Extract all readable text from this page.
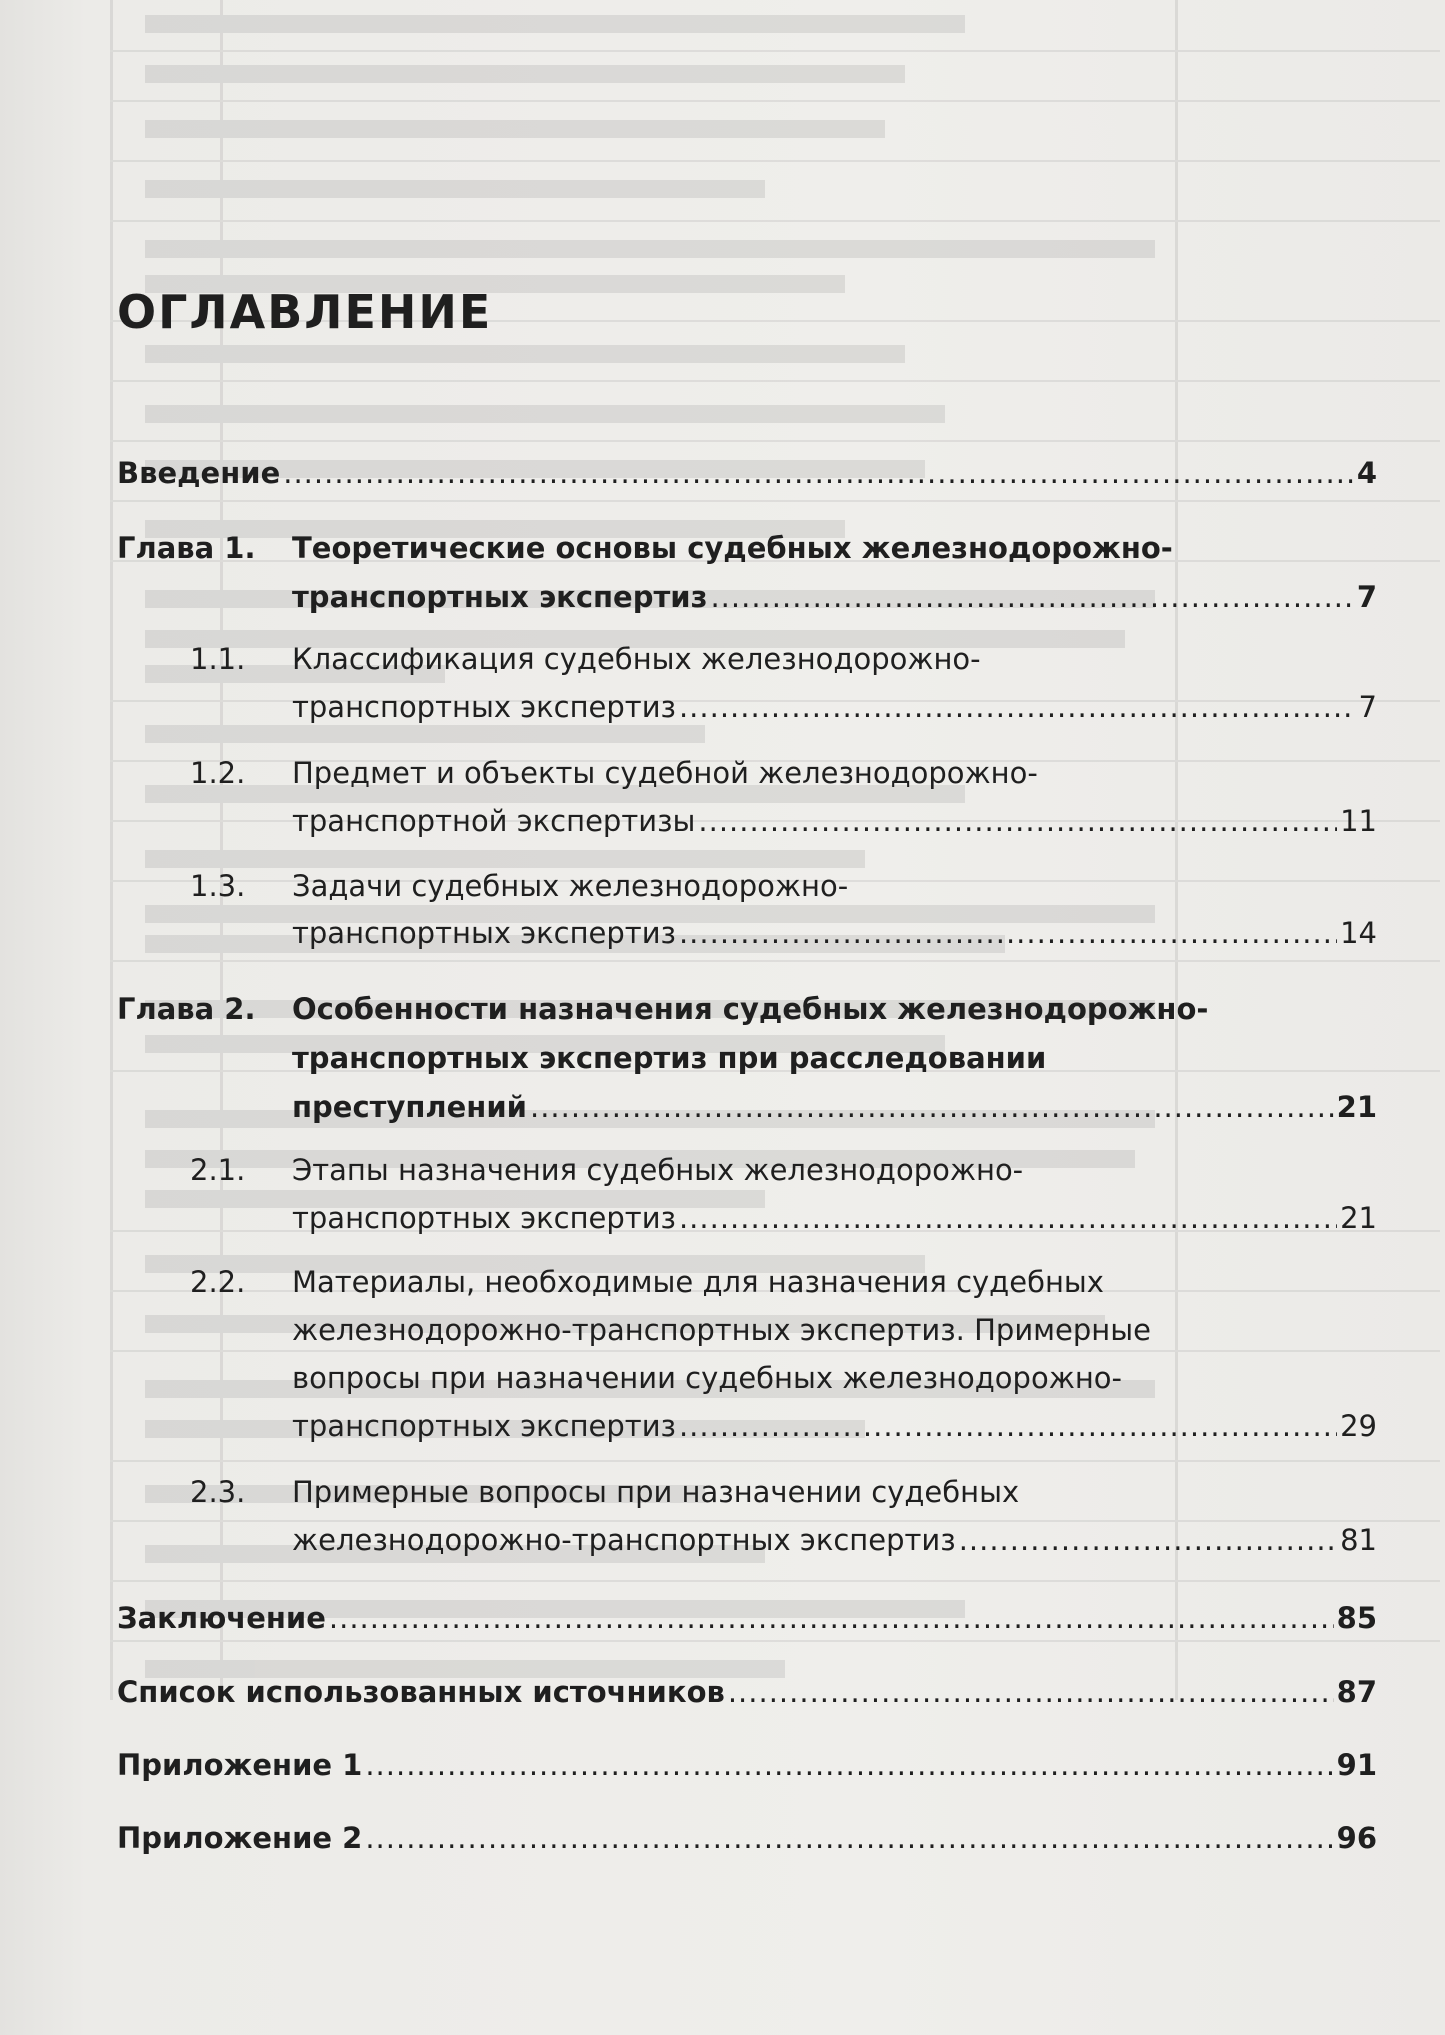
ОГЛАВЛЕНИЕ
Введение .....	4
Глава 1. Теоретические основы судебных железнодорожно-
транспортных экспертиз .....	7
1.1. Классификация судебных железнодорожно-
транспортных экспертиз .....	7
1.2. Предмет и объекты судебной железнодорожно-
транспортной экспертизы .....	11
1.3. Задачи судебных железнодорожно-
транспортных экспертиз .....	14
Глава 2. Особенности назначения судебных железнодорожно-
транспортных экспертиз при расследовании
преступлений .....	21
2.1. Этапы назначения судебных железнодорожно-
транспортных экспертиз .....	21
2.2. Материалы, необходимые для назначения судебных
железнодорожно-транспортных экспертиз. Примерные
вопросы при назначении судебных железнодорожно-
транспортных экспертиз .....	29
2.3. Примерные вопросы при назначении судебных
железнодорожно-транспортных экспертиз .....	81
Заключение .....	85
Список использованных источников .....	87
Приложение 1 .....	91
Приложение 2 .....	96
